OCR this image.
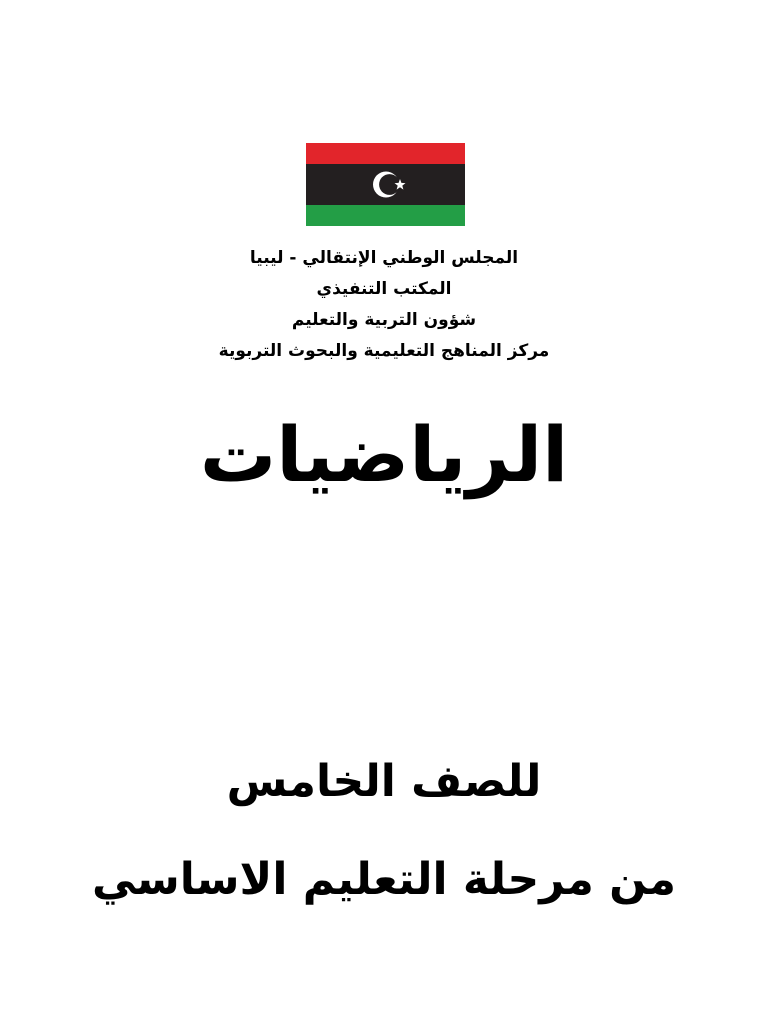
المجلس الوطني الإنتقالي - ليبيا
المكتب التنفيذي
شؤون التربية والتعليم
مركز المناهج التعليمية والبحوث التربوية
الرياضيات
للصف الخامس
من مرحلة التعليم الاساسي
